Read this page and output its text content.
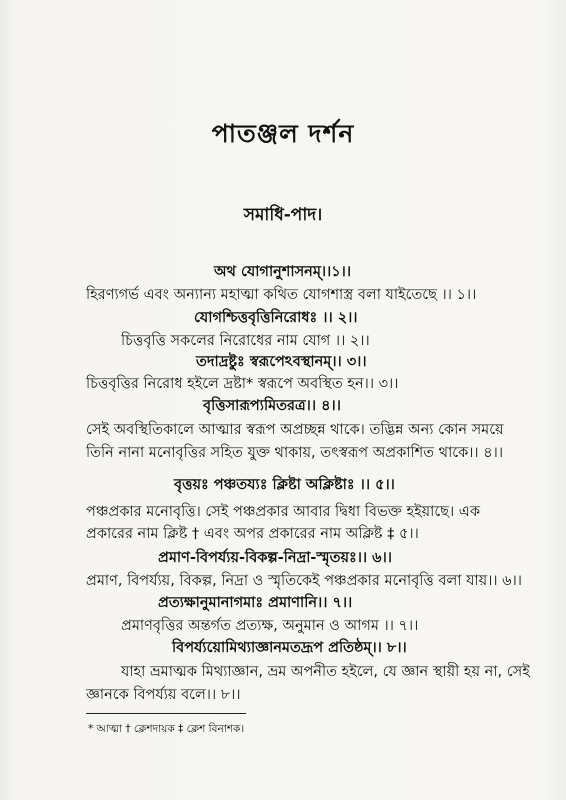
পাতঞ্জল দর্শন
সমাধি-পাদ।
অথ যোগানুশাসনম্।।১।।
হিরণ্যগর্ভ এবং অন্যান্য মহাত্মা কথিত যোগশাস্ত্র বলা যাইতেছে ।। ১।।
যোগশ্চিত্তবৃত্তিনিরোধঃ ।। ২।।
চিত্তবৃত্তি সকলের নিরোধের নাম যোগ ।। ২।।
তদাদ্রষ্টুঃ স্বরূপেঽবস্থানম্।। ৩।।
চিত্তবৃত্তির নিরোধ হইলে দ্রষ্টা* স্বরূপে অবস্থিত হন।। ৩।।
বৃত্তিসারূপ্যমিতরত্র।। ৪।।
সেই অবস্থিতিকালে আত্মার স্বরূপ অপ্রচ্ছন্ন থাকে। তদ্ভিন্ন অন্য কোন সময়ে
তিনি নানা মনোবৃত্তির সহিত যুক্ত থাকায়, তৎস্বরূপ অপ্রকাশিত থাকে।। ৪।।
বৃত্তয়ঃ পঞ্চতয্যঃ ক্লিষ্টা অক্লিষ্টাঃ ।। ৫।।
পঞ্চপ্রকার মনোবৃত্তি। সেই পঞ্চপ্রকার আবার দ্বিধা বিভক্ত হইয়াছে। এক
প্রকারের নাম ক্লিষ্ট † এবং অপর প্রকারের নাম অক্লিষ্ট ‡ ৫।।
প্রমাণ-বিপর্য্যয়-বিকল্প-নিদ্রা-স্মৃতয়ঃ।। ৬।।
প্রমাণ, বিপর্য্যয়, বিকল্প, নিদ্রা ও স্মৃতিকেই পঞ্চপ্রকার মনোবৃত্তি বলা যায়।। ৬।।
প্রত্যক্ষানুমানাগমাঃ প্রমাণানি।। ৭।।
প্রমাণবৃত্তির অন্তর্গত প্রত্যক্ষ, অনুমান ও আগম ।। ৭।।
বিপর্য্যয়োমিথ্যাজ্ঞানমতদ্রূপ প্রতিষ্ঠম্।। ৮।।
যাহা ভ্রমাত্মক মিথ্যাজ্ঞান, ভ্রম অপনীত হইলে, যে জ্ঞান স্থায়ী হয় না, সেই
জ্ঞানকে বিপর্য্যয় বলে।। ৮।।
* আত্মা † ক্লেশদায়ক ‡ ক্লেশ বিনাশক।
